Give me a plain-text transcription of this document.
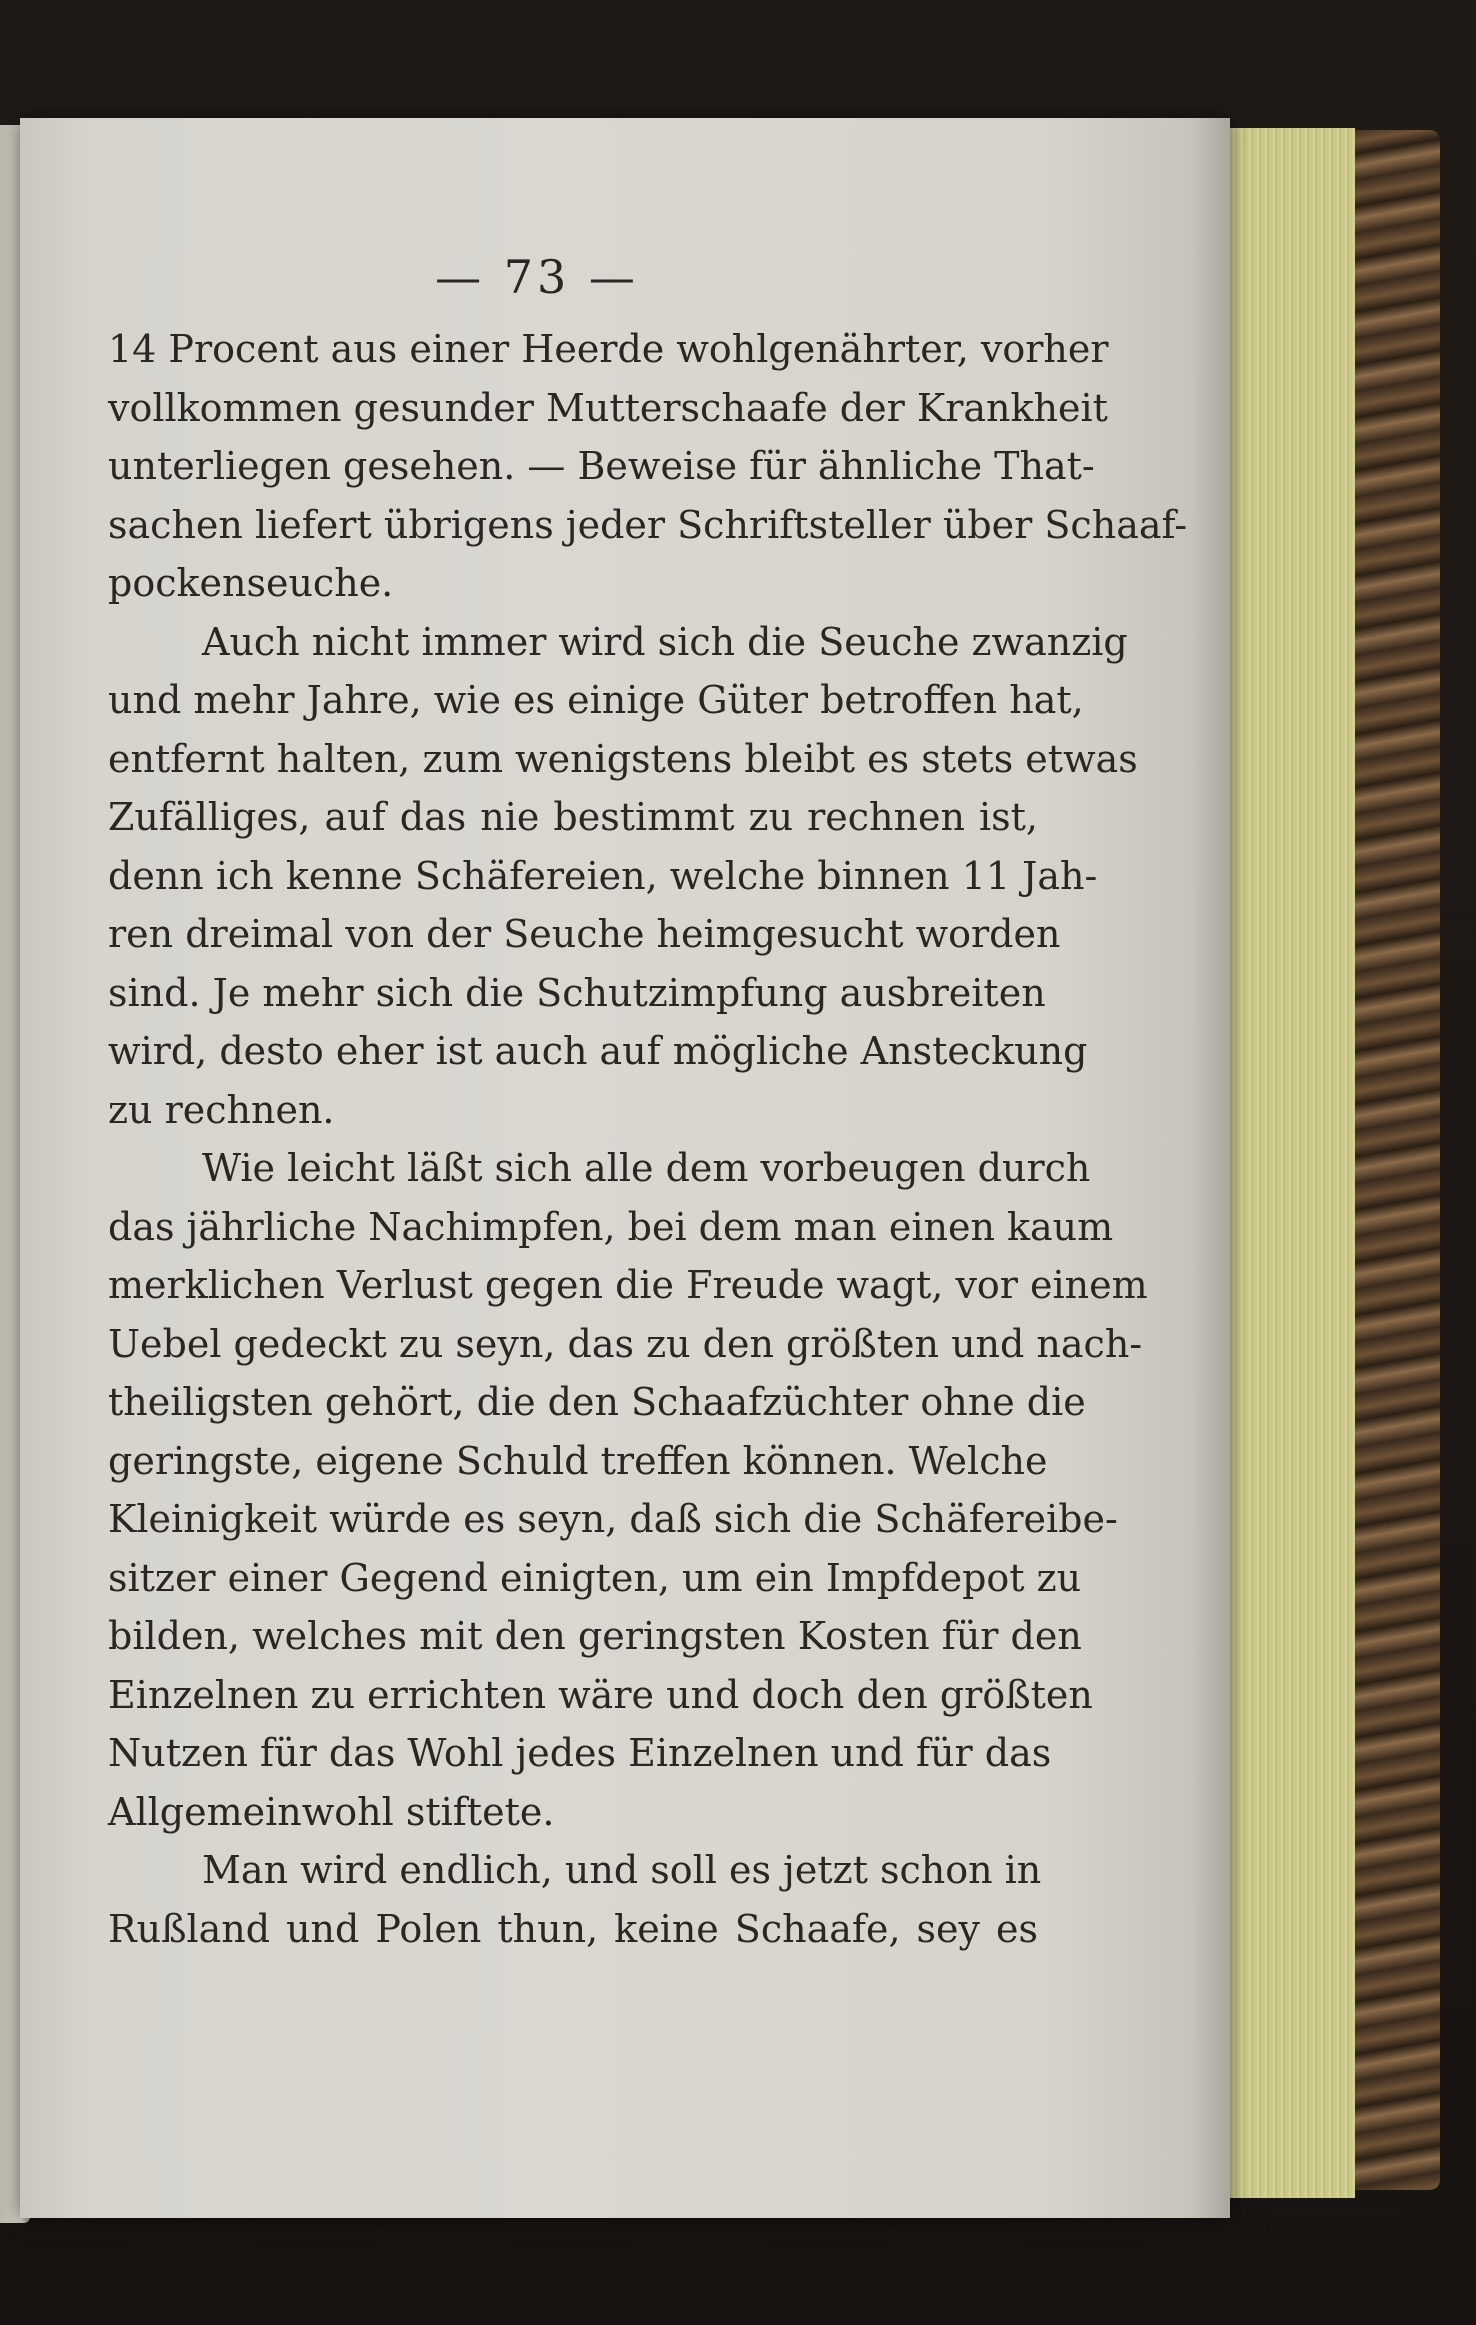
— 73 —
14 Procent aus einer Heerde wohlgenährter, vorher
vollkommen gesunder Mutterschaafe der Krankheit
unterliegen gesehen. — Beweise für ähnliche That-
sachen liefert übrigens jeder Schriftsteller über Schaaf-
pockenseuche.
Auch nicht immer wird sich die Seuche zwanzig
und mehr Jahre, wie es einige Güter betroffen hat,
entfernt halten, zum wenigstens bleibt es stets etwas
Zufälliges, auf das nie bestimmt zu rechnen ist,
denn ich kenne Schäfereien, welche binnen 11 Jah-
ren dreimal von der Seuche heimgesucht worden
sind. Je mehr sich die Schutzimpfung ausbreiten
wird, desto eher ist auch auf mögliche Ansteckung
zu rechnen.
Wie leicht läßt sich alle dem vorbeugen durch
das jährliche Nachimpfen, bei dem man einen kaum
merklichen Verlust gegen die Freude wagt, vor einem
Uebel gedeckt zu seyn, das zu den größten und nach-
theiligsten gehört, die den Schaafzüchter ohne die
geringste, eigene Schuld treffen können. Welche
Kleinigkeit würde es seyn, daß sich die Schäfereibe-
sitzer einer Gegend einigten, um ein Impfdepot zu
bilden, welches mit den geringsten Kosten für den
Einzelnen zu errichten wäre und doch den größten
Nutzen für das Wohl jedes Einzelnen und für das
Allgemeinwohl stiftete.
Man wird endlich, und soll es jetzt schon in
Rußland und Polen thun, keine Schaafe, sey es
